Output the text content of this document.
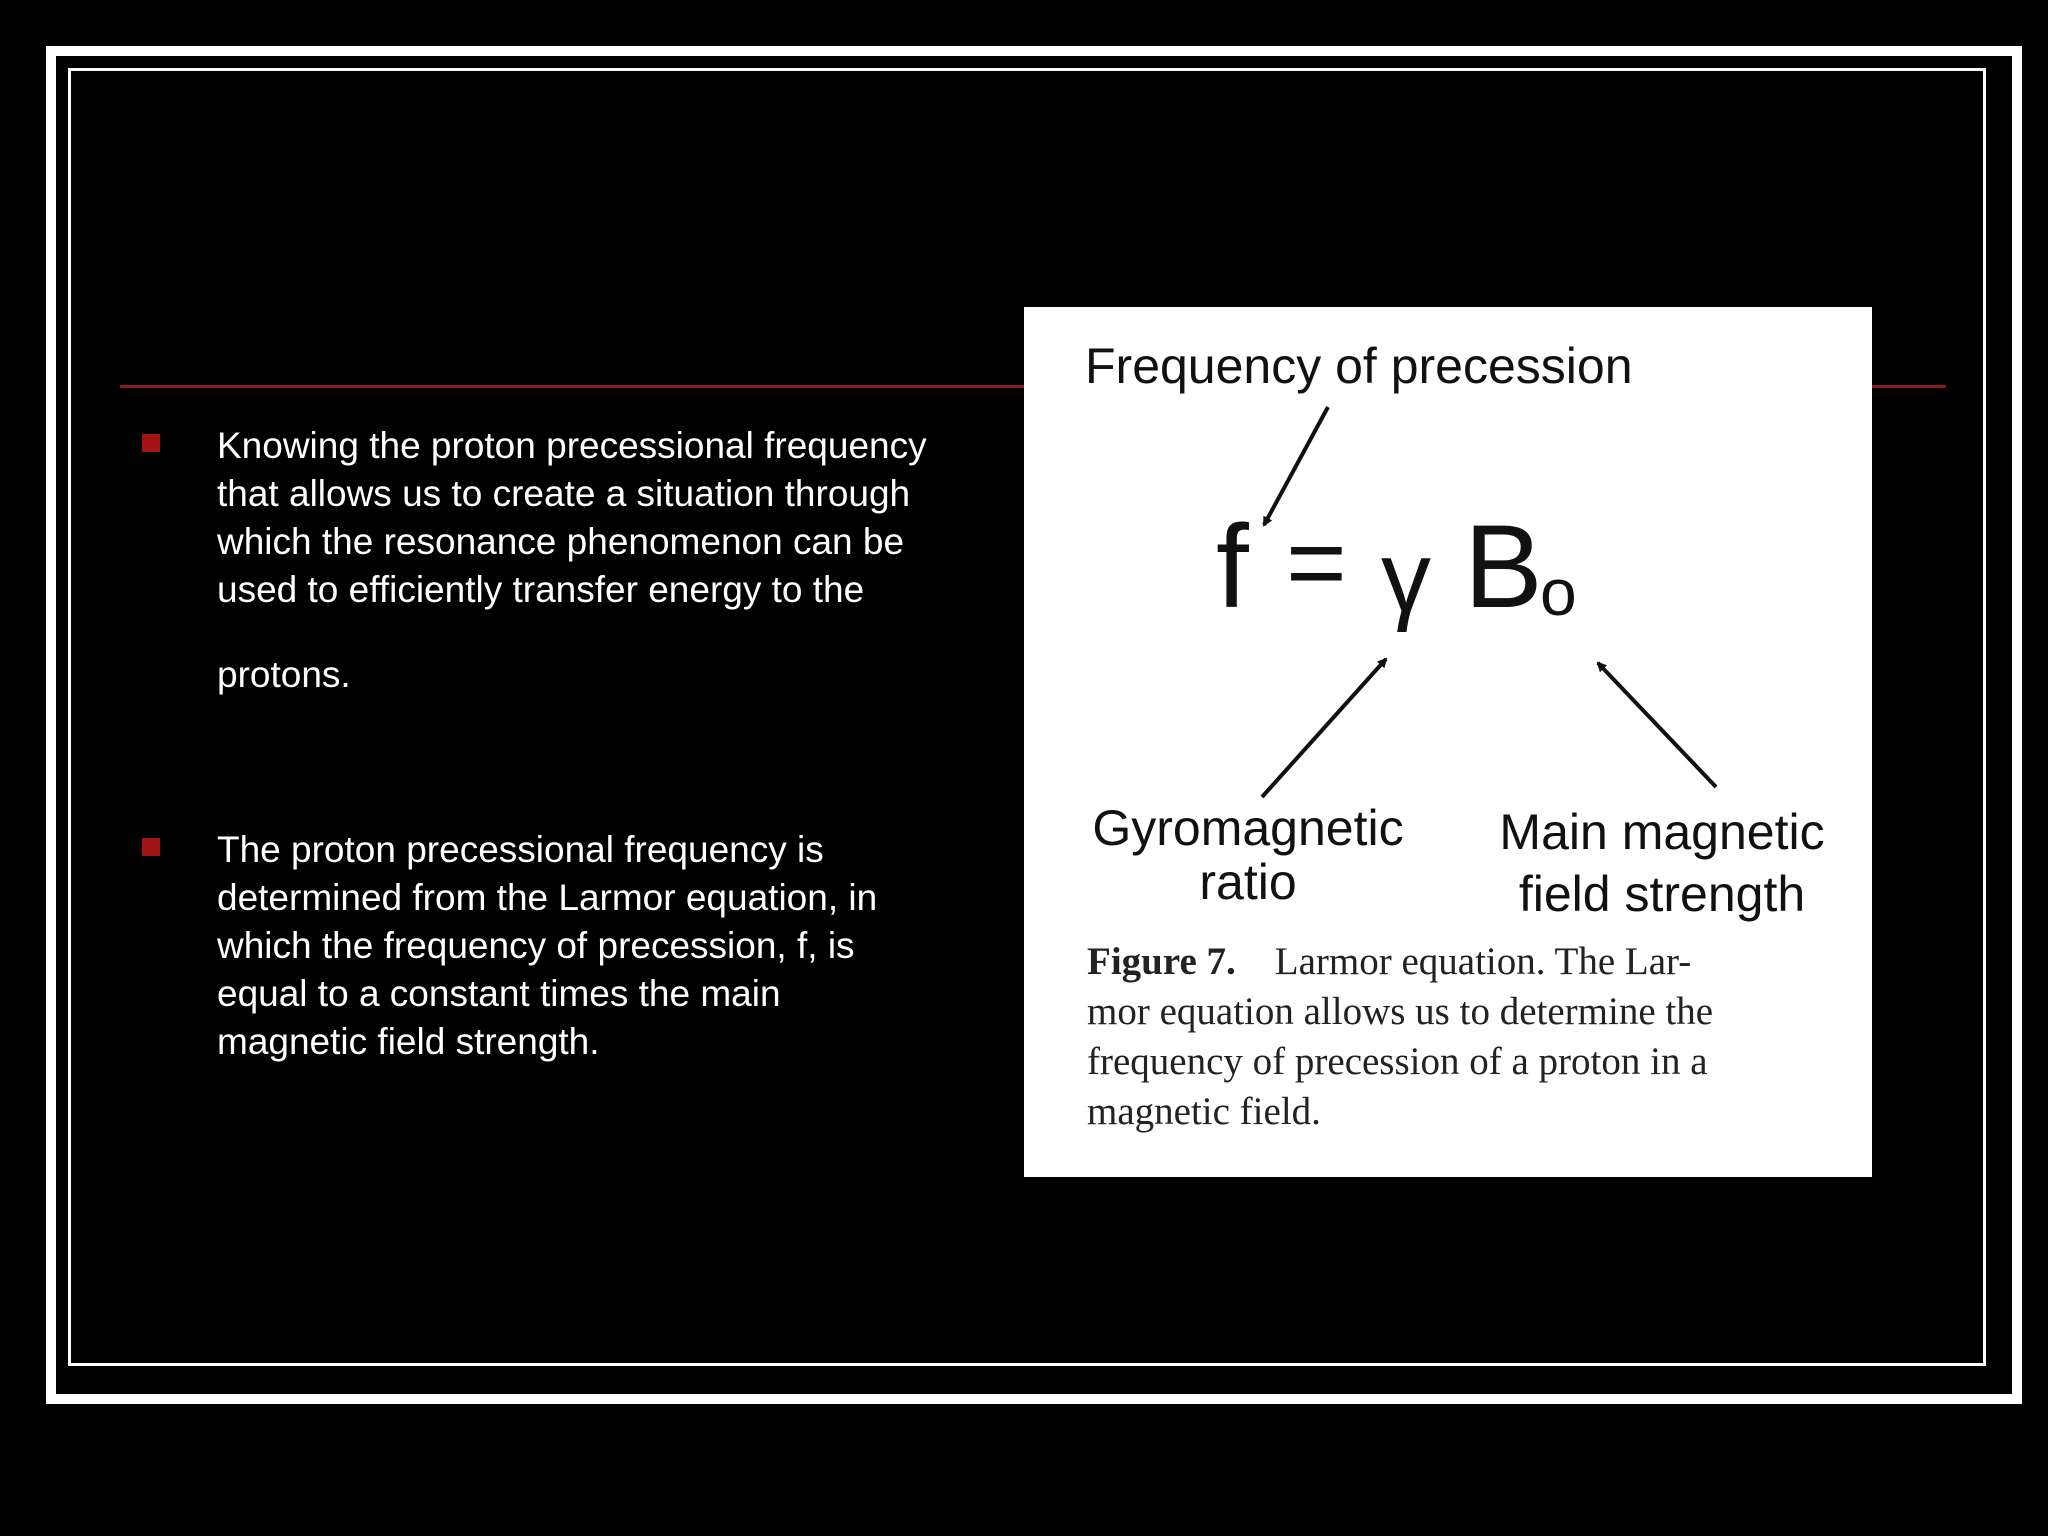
Knowing the proton precessional frequency
that allows us to create a situation through
which the resonance phenomenon can be
used to efficiently transfer energy to the
protons.
The proton precessional frequency is
determined from the Larmor equation, in
which the frequency of precession, f, is
equal to a constant times the main
magnetic field strength.
Frequency of precession
f = γ B
o
Gyromagnetic
ratio
Main magnetic
field strength
Figure 7. Larmor equation. The Lar-
mor equation allows us to determine the
frequency of precession of a proton in a
magnetic field.
